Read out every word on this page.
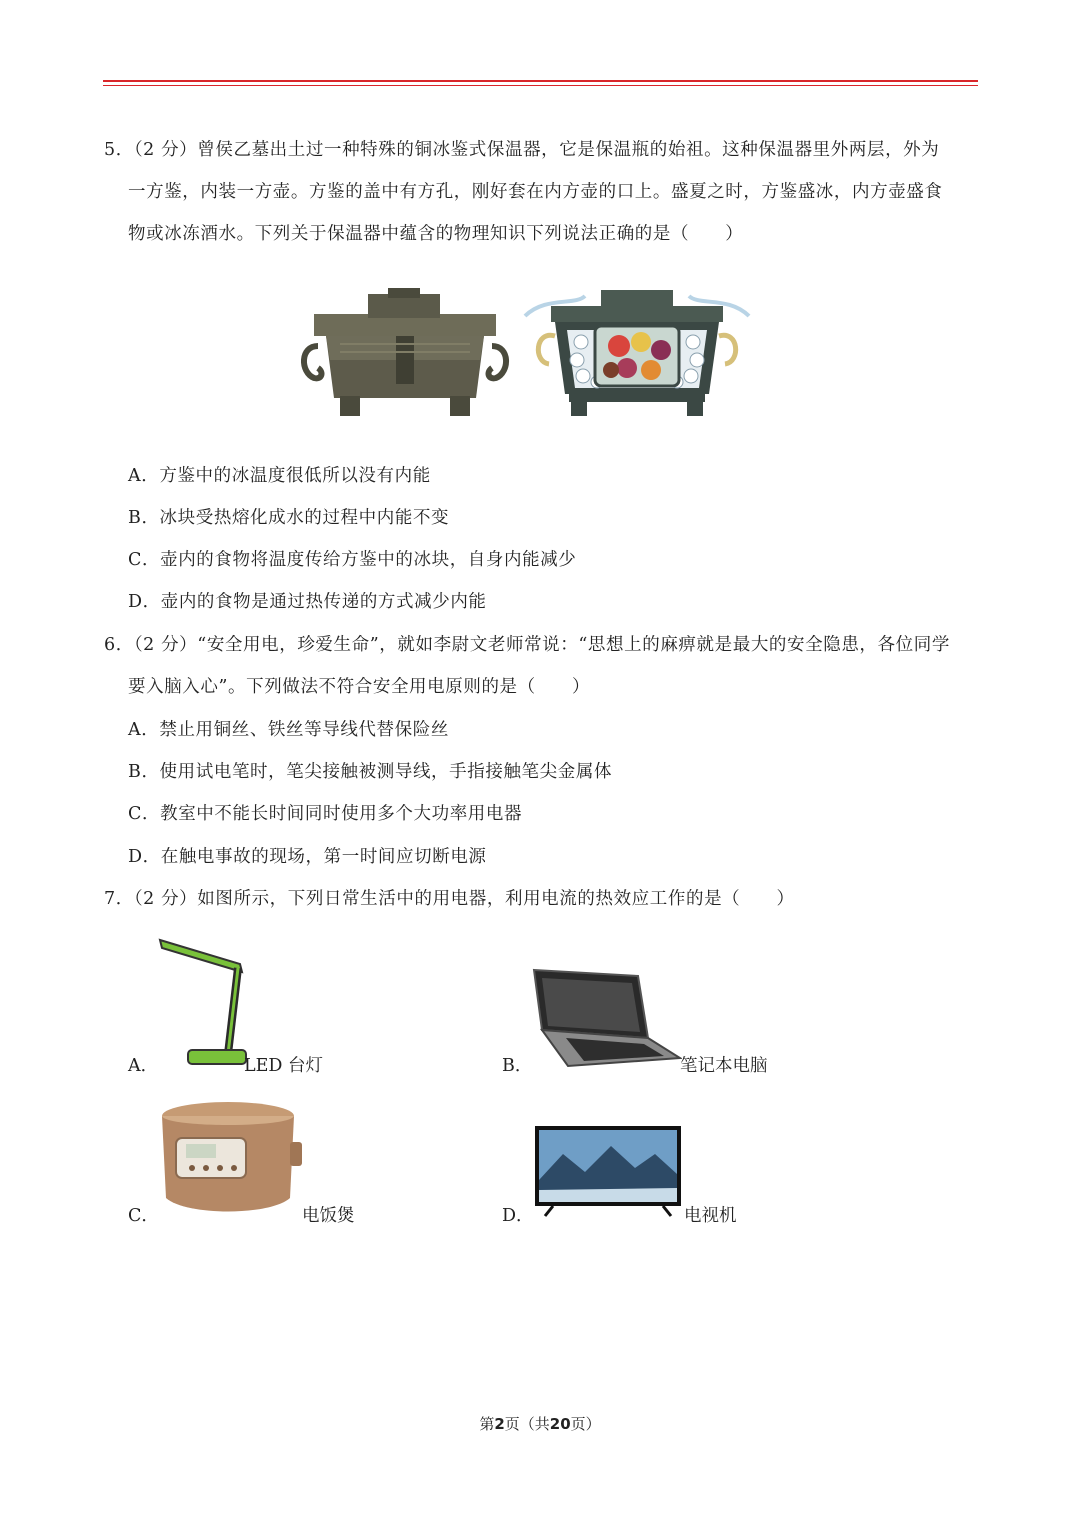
5．（2 分）曾侯乙墓出土过一种特殊的铜冰鉴式保温器，它是保温瓶的始祖。这种保温器里外两层，外为
一方鉴，内装一方壶。方鉴的盖中有方孔，刚好套在内方壶的口上。盛夏之时，方鉴盛冰，内方壶盛食
物或冰冻酒水。下列关于保温器中蕴含的物理知识下列说法正确的是（　　）
A．方鉴中的冰温度很低所以没有内能
B．冰块受热熔化成水的过程中内能不变
C．壶内的食物将温度传给方鉴中的冰块，自身内能减少
D．壶内的食物是通过热传递的方式减少内能
6．（2 分）“安全用电，珍爱生命”，就如李尉文老师常说：“思想上的麻痹就是最大的安全隐患，各位同学
要入脑入心”。下列做法不符合安全用电原则的是（　　）
A．禁止用铜丝、铁丝等导线代替保险丝
B．使用试电笔时，笔尖接触被测导线，手指接触笔尖金属体
C．教室中不能长时间同时使用多个大功率用电器
D．在触电事故的现场，第一时间应切断电源
7．（2 分）如图所示，下列日常生活中的用电器，利用电流的热效应工作的是（　　）
A．	LED 台灯	B．	笔记本电脑
C．	电饭煲	D．	电视机
第2页（共20页）
